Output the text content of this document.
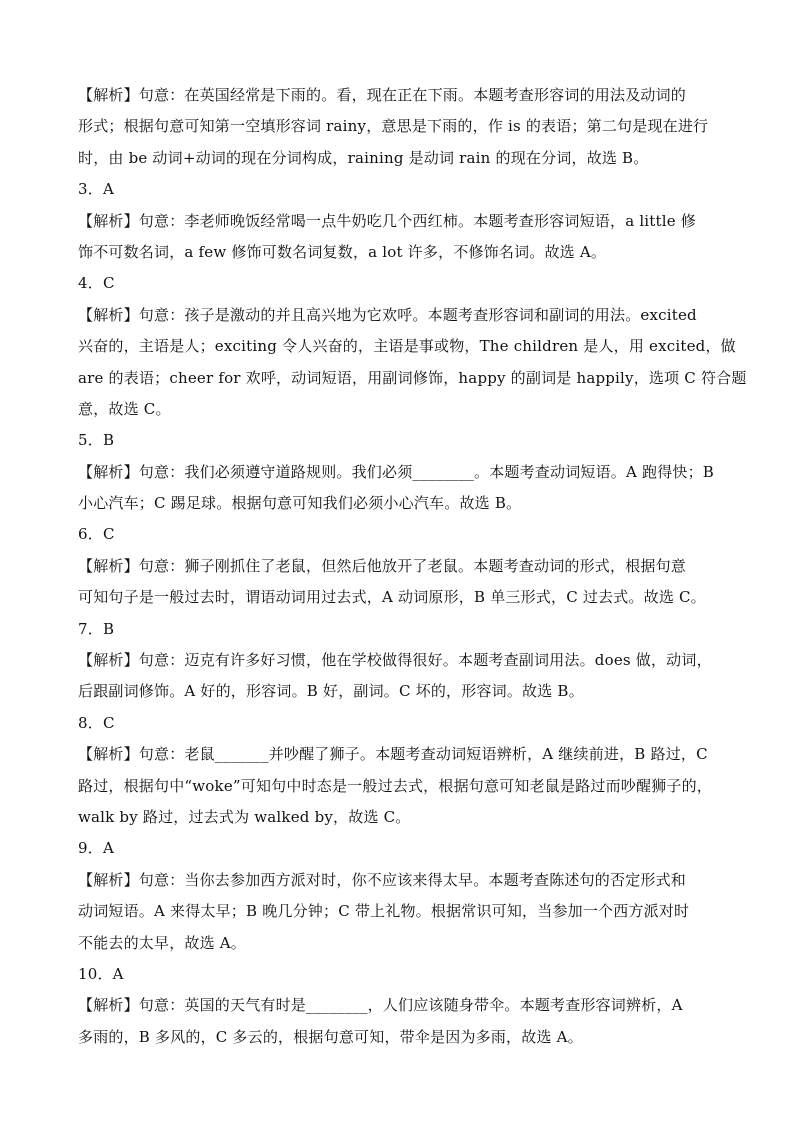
【解析】句意：在英国经常是下雨的。看，现在正在下雨。本题考查形容词的用法及动词的
形式；根据句意可知第一空填形容词 rainy，意思是下雨的，作 is 的表语；第二句是现在进行
时，由 be 动词+动词的现在分词构成，raining 是动词 rain 的现在分词，故选 B。
3．A
【解析】句意：李老师晚饭经常喝一点牛奶吃几个西红柿。本题考查形容词短语，a little 修
饰不可数名词，a few 修饰可数名词复数，a lot 许多，不修饰名词。故选 A。
4．C
【解析】句意：孩子是激动的并且高兴地为它欢呼。本题考查形容词和副词的用法。excited
兴奋的，主语是人；exciting 令人兴奋的，主语是事或物，The children 是人，用 excited，做
are 的表语；cheer for 欢呼，动词短语，用副词修饰，happy 的副词是 happily，选项 C 符合题
意，故选 C。
5．B
【解析】句意：我们必须遵守道路规则。我们必须________。本题考查动词短语。A 跑得快；B
小心汽车；C 踢足球。根据句意可知我们必须小心汽车。故选 B。
6．C
【解析】句意：狮子刚抓住了老鼠，但然后他放开了老鼠。本题考查动词的形式，根据句意
可知句子是一般过去时，谓语动词用过去式，A 动词原形，B 单三形式，C 过去式。故选 C。
7．B
【解析】句意：迈克有许多好习惯，他在学校做得很好。本题考查副词用法。does 做，动词，
后跟副词修饰。A 好的，形容词。B 好，副词。C 坏的，形容词。故选 B。
8．C
【解析】句意：老鼠_______并吵醒了狮子。本题考查动词短语辨析，A 继续前进，B 路过，C
路过，根据句中“woke”可知句中时态是一般过去式，根据句意可知老鼠是路过而吵醒狮子的，
walk by 路过，过去式为 walked by，故选 C。
9．A
【解析】句意：当你去参加西方派对时，你不应该来得太早。本题考查陈述句的否定形式和
动词短语。A 来得太早；B 晚几分钟；C 带上礼物。根据常识可知，当参加一个西方派对时
不能去的太早，故选 A。
10．A
【解析】句意：英国的天气有时是________，人们应该随身带伞。本题考查形容词辨析，A
多雨的，B 多风的，C 多云的，根据句意可知，带伞是因为多雨，故选 A。
